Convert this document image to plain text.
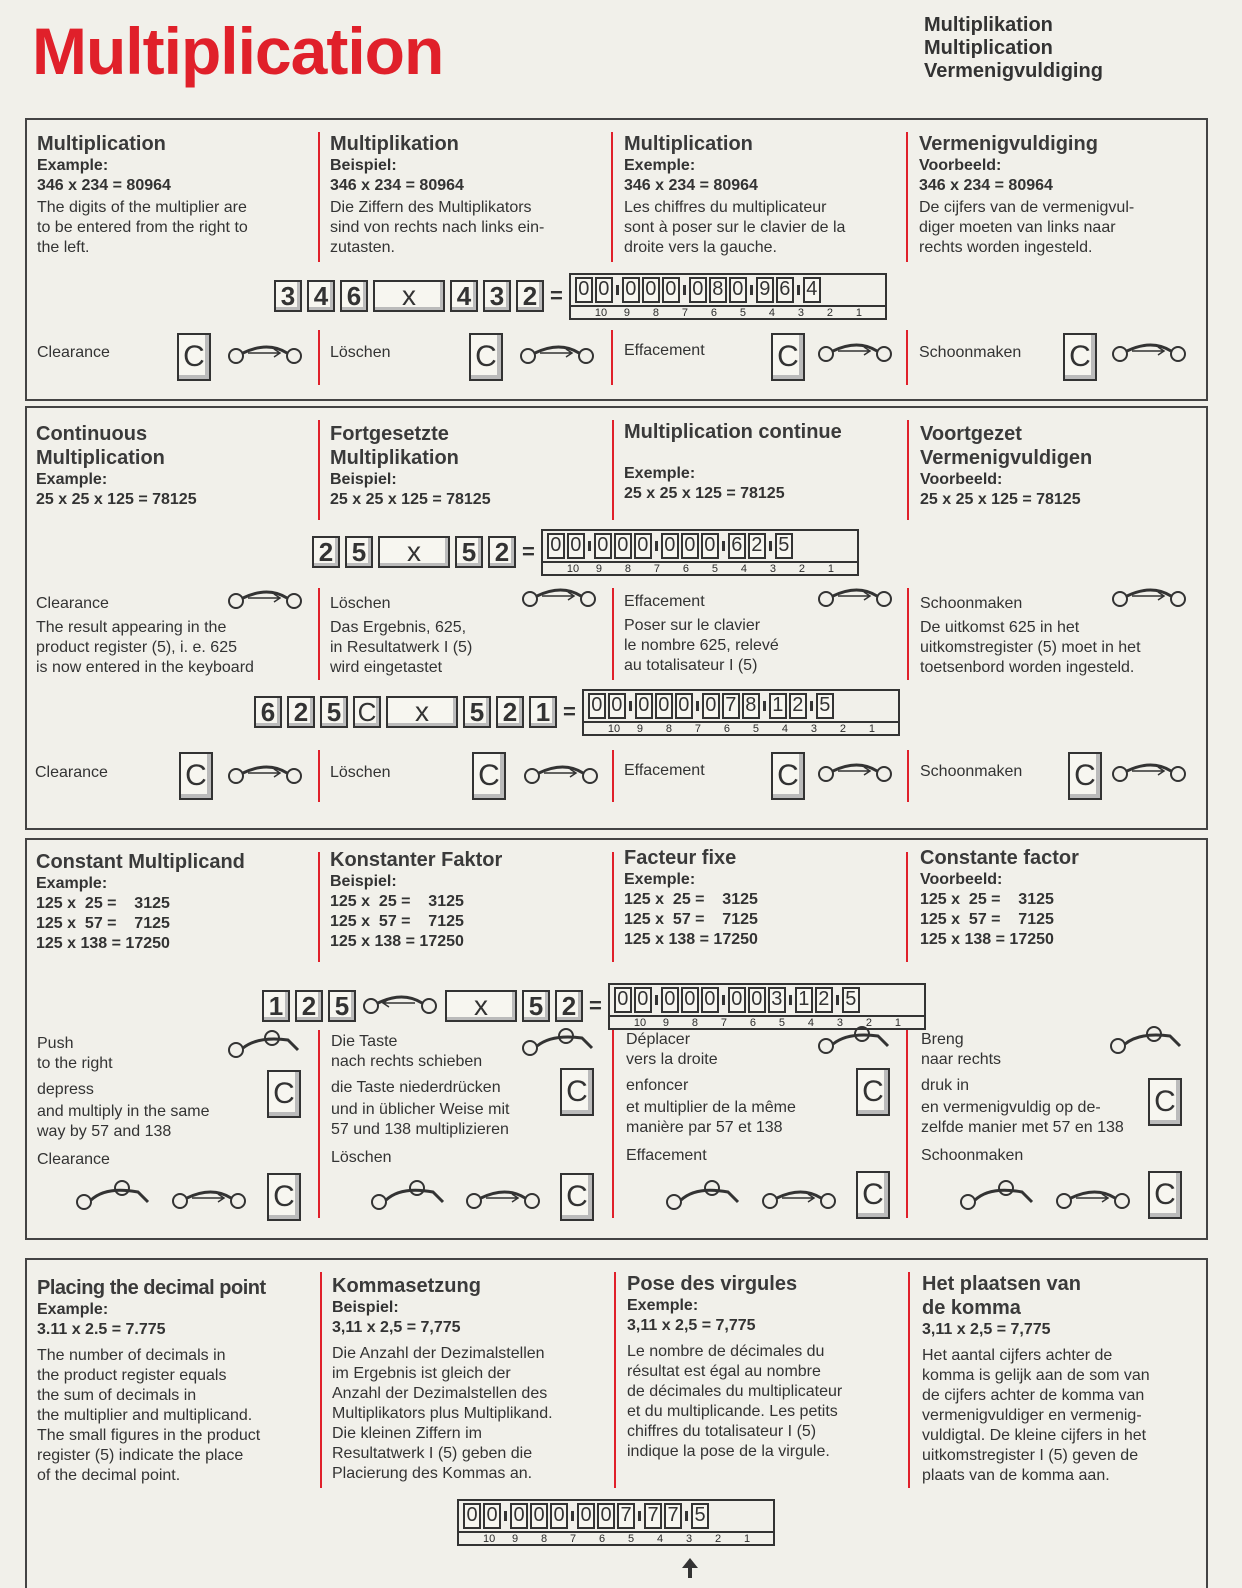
Multiplication	Multiplikation
Multiplication
Vermenigvuldiging
Multiplication
Example:
346 x 234 = 80964
The digits of the multiplier are
to be entered from the right to
the left.
Multiplikation
Beispiel:
346 x 234 = 80964
Die Ziffern des Multiplikators
sind von rechts nach links ein-
zutasten.
Multiplication
Exemple:
346 x 234 = 80964
Les chiffres du multiplicateur
sont à poser sur le clavier de la
droite vers la gauche.
Vermenigvuldiging
Voorbeeld:
346 x 234 = 80964
De cijfers van de vermenigvul-
diger moeten van links naar
rechts worden ingesteld.
3 4 6	x	4 3 2 = 0 0 0 0 0 0 8 0 9 6 4
10	9	8	7	6	5	4	3	2	1
Clearance C	Löschen	C	Effacement C	Schoonmaken C
Continuous
Multiplication
Example:
25 x 25 x 125 = 78125
Fortgesetzte
Multiplikation
Beispiel:
25 x 25 x 125 = 78125
Multiplication continue
Exemple:
25 x 25 x 125 = 78125
Voortgezet
Vermenigvuldigen
Voorbeeld:
25 x 25 x 125 = 78125
2 5	x	5 2 = 0 0 0 0 0 0 0 0 6 2 5
10	9	8	7	6	5	4	3	2	1
Clearance
The result appearing in the
product register (5), i. e. 625
is now entered in the keyboard
Löschen
Das Ergebnis, 625,
in Resultatwerk I (5)
wird eingetastet
Effacement
Poser sur le clavier
le nombre 625, relevé
au totalisateur I (5)
Schoonmaken
De uitkomst 625 in het
uitkomstregister (5) moet in het
toetsenbord worden ingesteld.
6 2 5 C	x	5 2 1 = 0 0 0 0 0 0 7 8 1 2 5
10	9	8	7	6	5	4	3	2	1
Clearance	C	Löschen	C	Effacement C	Schoonmaken C
Constant Multiplicand
Example:
125 x  25 =    3125
125 x  57 =    7125
125 x 138 = 17250
Konstanter Faktor
Beispiel:
125 x  25 =    3125
125 x  57 =    7125
125 x 138 = 17250
Facteur fixe
Exemple:
125 x  25 =    3125
125 x  57 =    7125
125 x 138 = 17250
Constante factor
Voorbeeld:
125 x  25 =    3125
125 x  57 =    7125
125 x 138 = 17250
1 2 5	x	5 2 = 0 0 0 0 0 0 0 3 1 2 5
10	9	8	7	6	5	4	3	2	1
Push
to the right
depress
and multiply in the same
way by 57 and 138
Clearance
Die Taste
nach rechts schieben
die Taste niederdrücken
und in üblicher Weise mit
57 und 138 multiplizieren
Löschen
Déplacer
vers la droite
enfoncer
et multiplier de la même
manière par 57 et 138
Effacement
Breng
naar rechts
druk in
en vermenigvuldig op de-
zelfde manier met 57 en 138
Schoonmaken
C
C
C
C
C
C
C
C
Placing the decimal point
Example:
3.11 x 2.5 = 7.775
The number of decimals in
the product register equals
the sum of decimals in
the multiplier and multiplicand.
The small figures in the product
register (5) indicate the place
of the decimal point.
Kommasetzung
Beispiel:
3,11 x 2,5 = 7,775
Die Anzahl der Dezimalstellen
im Ergebnis ist gleich der
Anzahl der Dezimalstellen des
Multiplikators plus Multiplikand.
Die kleinen Ziffern im
Resultatwerk I (5) geben die
Placierung des Kommas an.
Pose des virgules
Exemple:
3,11 x 2,5 = 7,775
Le nombre de décimales du
résultat est égal au nombre
de décimales du multiplicateur
et du multiplicande. Les petits
chiffres du totalisateur I (5)
indique la pose de la virgule.
Het plaatsen van
de komma
3,11 x 2,5 = 7,775
Het aantal cijfers achter de
komma is gelijk aan de som van
de cijfers achter de komma van
vermenigvuldiger en vermenig-
vuldigtal. De kleine cijfers in het
uitkomstregister I (5) geven de
plaats van de komma aan.
0 0 0 0 0 0 0 7 7 7 5
10	9	8	7	6	5	4	3	2	1
